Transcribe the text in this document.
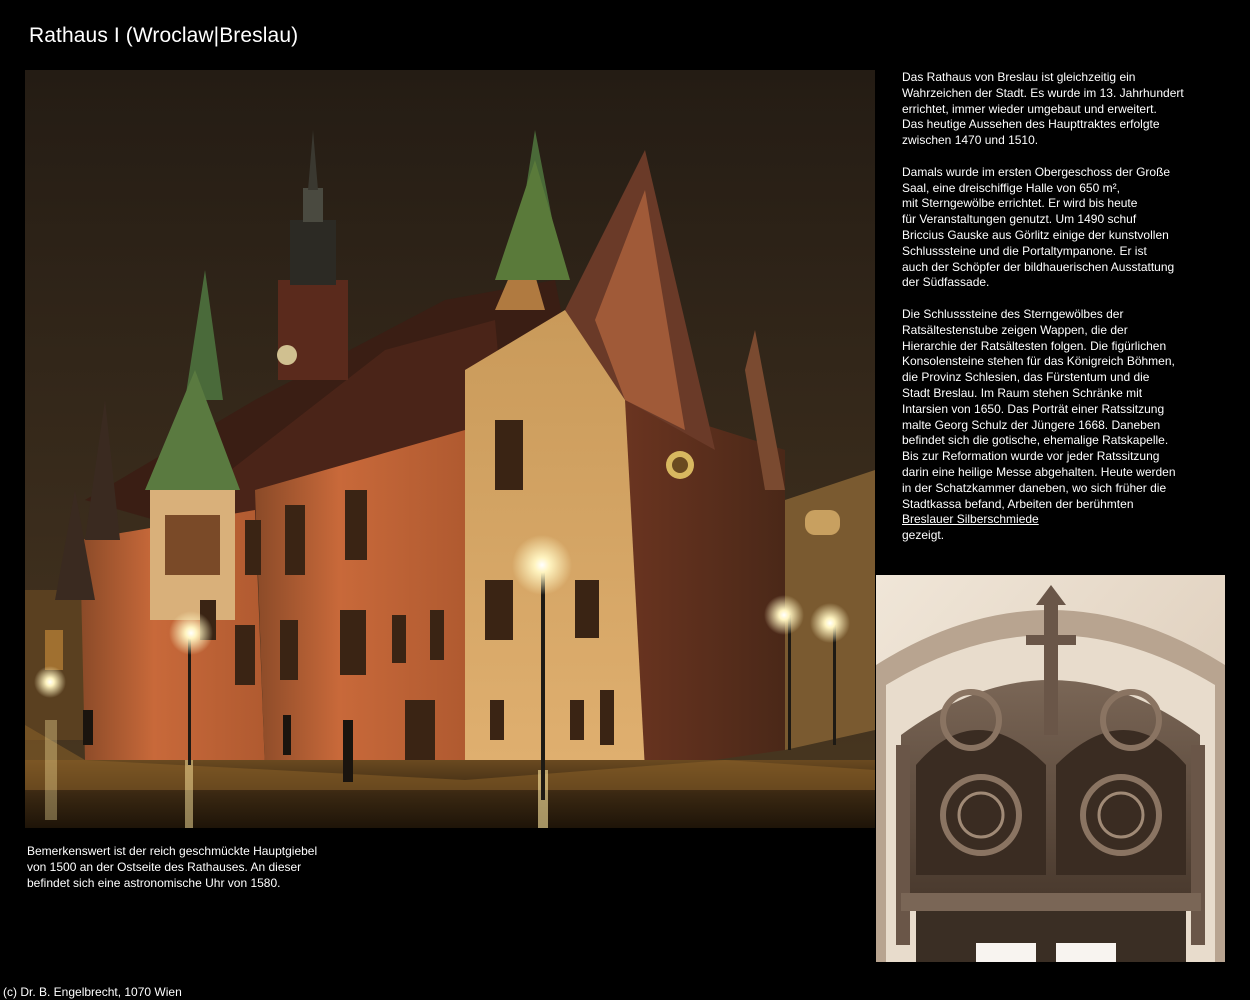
Rathaus I (Wroclaw|Breslau)

Das Rathaus von Breslau ist gleichzeitig ein
Wahrzeichen der Stadt. Es wurde im 13. Jahrhundert
errichtet, immer wieder umgebaut und erweitert.
Das heutige Aussehen des Haupttraktes erfolgte
zwischen 1470 und 1510.

Damals wurde im ersten Obergeschoss der Große
Saal, eine dreischiffige Halle von 650 m²,
mit Sterngewölbe errichtet. Er wird bis heute
für Veranstaltungen genutzt. Um 1490 schuf
Briccius Gauske aus Görlitz einige der kunstvollen
Schlusssteine und die Portaltympanone. Er ist
auch der Schöpfer der bildhauerischen Ausstattung
der Südfassade.

Die Schlusssteine des Sterngewölbes der
Ratsältestenstube zeigen Wappen, die der
Hierarchie der Ratsältesten folgen. Die figürlichen
Konsolensteine stehen für das Königreich Böhmen,
die Provinz Schlesien, das Fürstentum und die
Stadt Breslau. Im Raum stehen Schränke mit
Intarsien von 1650. Das Porträt einer Ratssitzung
malte Georg Schulz der Jüngere 1668. Daneben
befindet sich die gotische, ehemalige Ratskapelle.
Bis zur Reformation wurde vor jeder Ratssitzung
darin eine heilige Messe abgehalten. Heute werden
in der Schatzkammer daneben, wo sich früher die
Stadtkassa befand, Arbeiten der berühmten
Breslauer Silberschmiede
gezeigt.

Bemerkenswert ist der reich geschmückte Hauptgiebel
von 1500 an der Ostseite des Rathauses. An dieser
befindet sich eine astronomische Uhr von 1580.
(c) Dr. B. Engelbrecht, 1070 Wien
